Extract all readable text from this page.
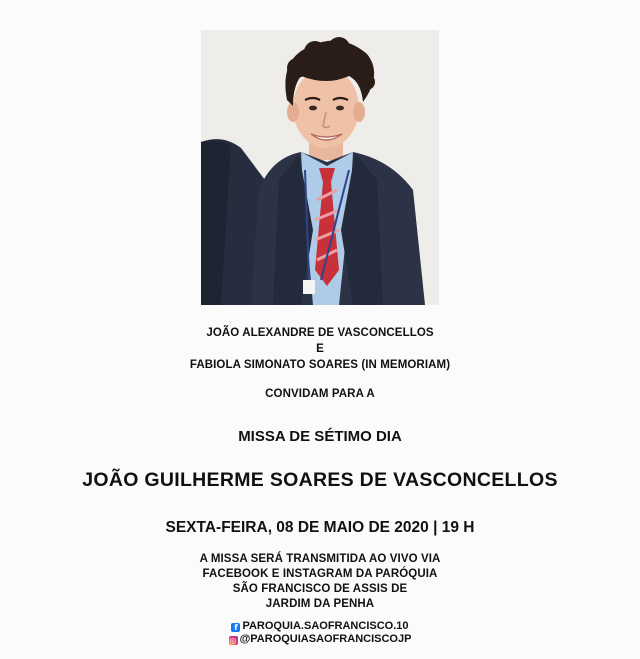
JOÃO ALEXANDRE DE VASCONCELLOS
E
FABIOLA SIMONATO SOARES (IN MEMORIAM)
CONVIDAM PARA A
MISSA DE SÉTIMO DIA
JOÃO GUILHERME SOARES DE VASCONCELLOS
SEXTA-FEIRA, 08 DE MAIO DE 2020 | 19 H
A MISSA SERÁ TRANSMITIDA AO VIVO VIA
FACEBOOK E INSTAGRAM DA PARÓQUIA
SÃO FRANCISCO DE ASSIS DE
JARDIM DA PENHA
f PAROQUIA.SAOFRANCISCO.10
◎ @PAROQUIASAOFRANCISCOJP
